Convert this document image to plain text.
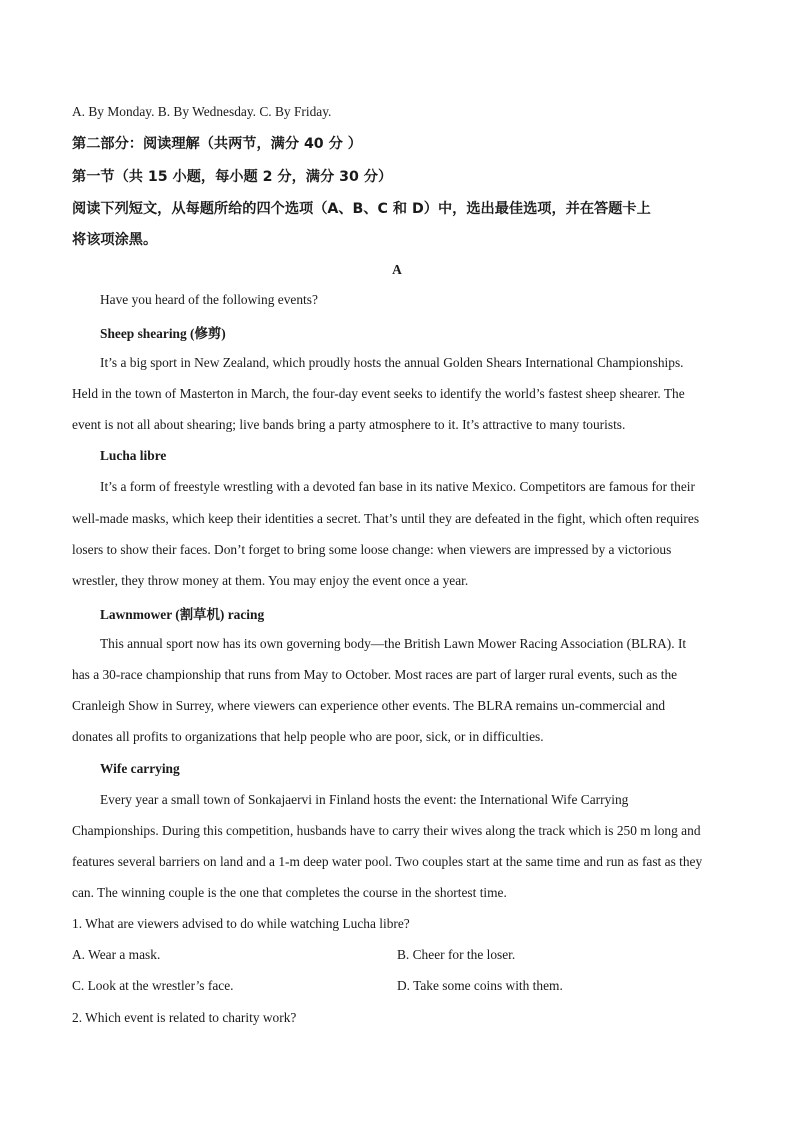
A. By Monday. B. By Wednesday. C. By Friday.
第二部分：阅读理解（共两节，满分 40 分 ）
第一节（共 15 小题，每小题 2 分，满分 30 分）
阅读下列短文，从每题所给的四个选项（A、B、C 和 D）中，选出最佳选项，并在答题卡上
将该项涂黑。
A
Have you heard of the following events?
Sheep shearing (修剪)
It’s a big sport in New Zealand, which proudly hosts the annual Golden Shears International Championships.
Held in the town of Masterton in March, the four-day event seeks to identify the world’s fastest sheep shearer. The
event is not all about shearing; live bands bring a party atmosphere to it. It’s attractive to many tourists.
Lucha libre
It’s a form of freestyle wrestling with a devoted fan base in its native Mexico. Competitors are famous for their
well-made masks, which keep their identities a secret. That’s until they are defeated in the fight, which often requires
losers to show their faces. Don’t forget to bring some loose change: when viewers are impressed by a victorious
wrestler, they throw money at them. You may enjoy the event once a year.
Lawnmower (割草机) racing
This annual sport now has its own governing body—the British Lawn Mower Racing Association (BLRA). It
has a 30-race championship that runs from May to October. Most races are part of larger rural events, such as the
Cranleigh Show in Surrey, where viewers can experience other events. The BLRA remains un-commercial and
donates all profits to organizations that help people who are poor, sick, or in difficulties.
Wife carrying
Every year a small town of Sonkajaervi in Finland hosts the event: the International Wife Carrying
Championships. During this competition, husbands have to carry their wives along the track which is 250 m long and
features several barriers on land and a 1-m deep water pool. Two couples start at the same time and run as fast as they
can. The winning couple is the one that completes the course in the shortest time.
1. What are viewers advised to do while watching Lucha libre?
A. Wear a mask.	B. Cheer for the loser.
C. Look at the wrestler’s face.	D. Take some coins with them.
2. Which event is related to charity work?
